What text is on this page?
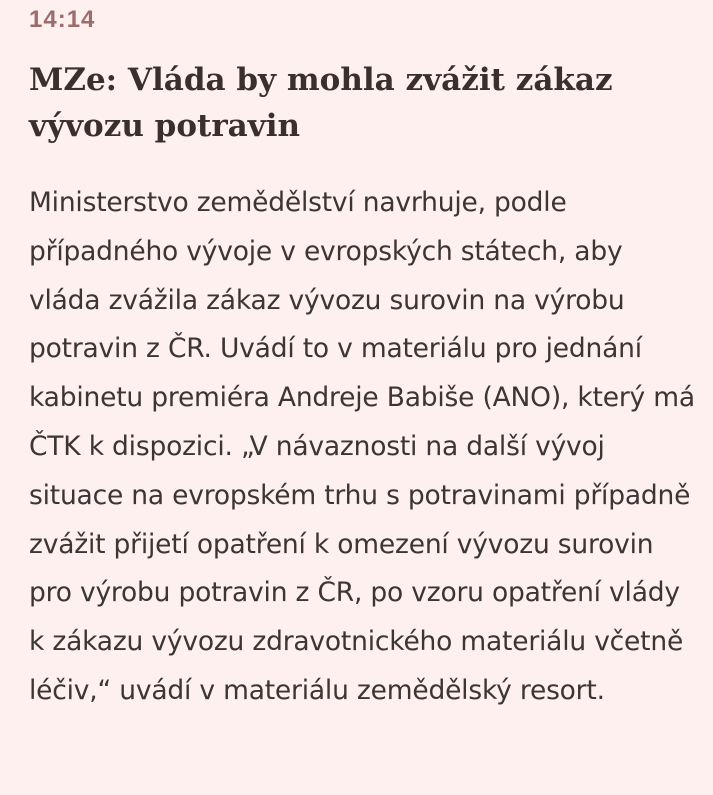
14:14
MZe: Vláda by mohla zvážit zákaz vývozu potravin

Ministerstvo zemědělství navrhuje, podle případného vývoje v evropských státech, aby vláda zvážila zákaz vývozu surovin na výrobu potravin z ČR. Uvádí to v materiálu pro jednání kabinetu premiéra Andreje Babiše (ANO), který má ČTK k dispozici. „V návaznosti na další vývoj situace na evropském trhu s potravinami případně zvážit přijetí opatření k omezení vývozu surovin pro výrobu potravin z ČR, po vzoru opatření vlády k zákazu vývozu zdravotnického materiálu včetně léčiv,“ uvádí v materiálu zemědělský resort.
